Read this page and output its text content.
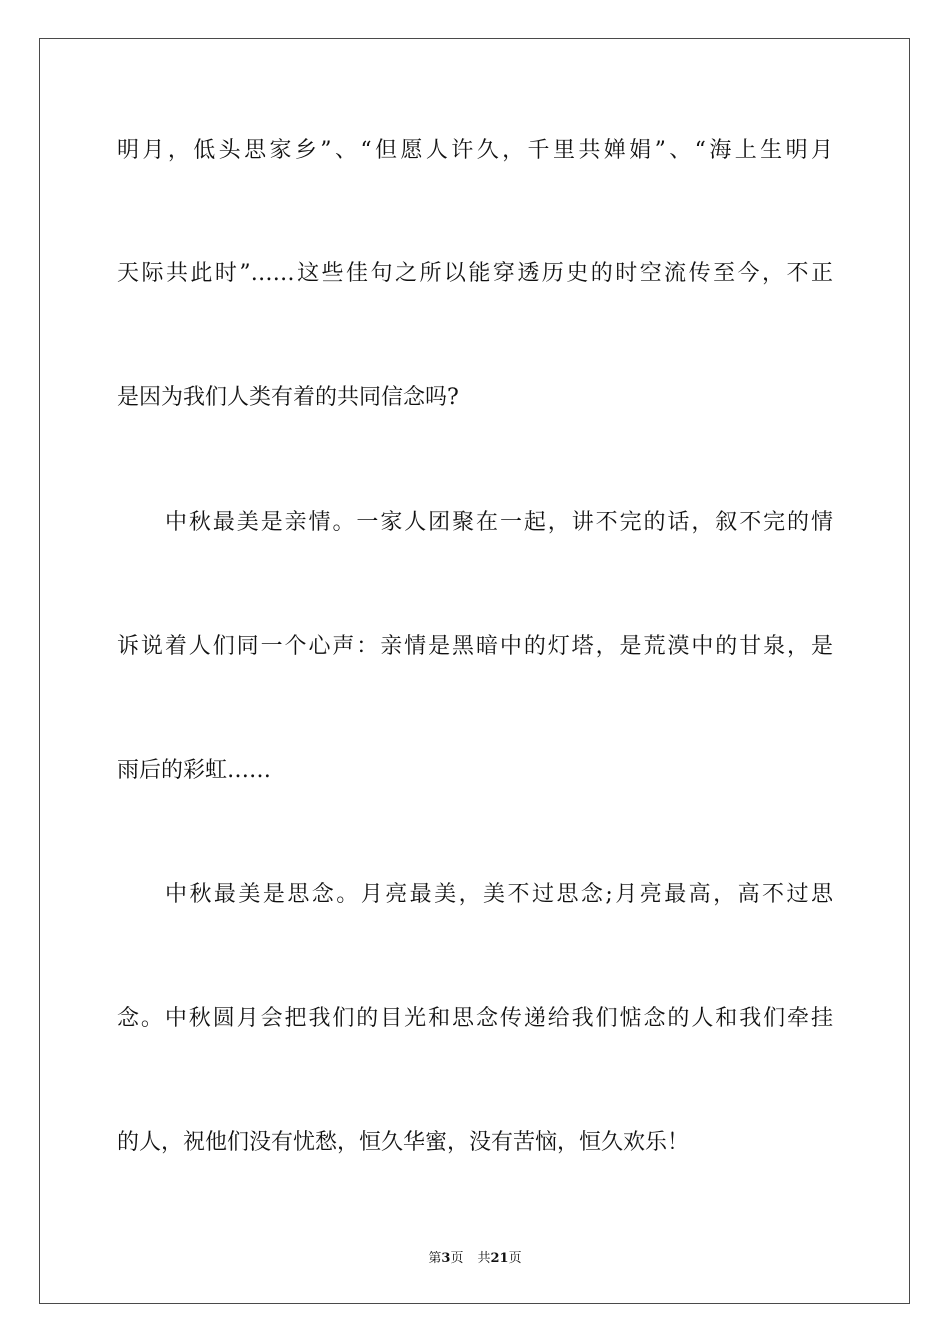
明月，低头思家乡”、“但愿人许久，千里共婵娟”、“海上生明月
天际共此时”……这些佳句之所以能穿透历史的时空流传至今，不正
是因为我们人类有着的共同信念吗?
中秋最美是亲情。一家人团聚在一起，讲不完的话，叙不完的情
诉说着人们同一个心声：亲情是黑暗中的灯塔，是荒漠中的甘泉，是
雨后的彩虹……
中秋最美是思念。月亮最美，美不过思念;月亮最高，高不过思
念。中秋圆月会把我们的目光和思念传递给我们惦念的人和我们牵挂
的人，祝他们没有忧愁，恒久华蜜，没有苦恼，恒久欢乐！
第3页 共21页
